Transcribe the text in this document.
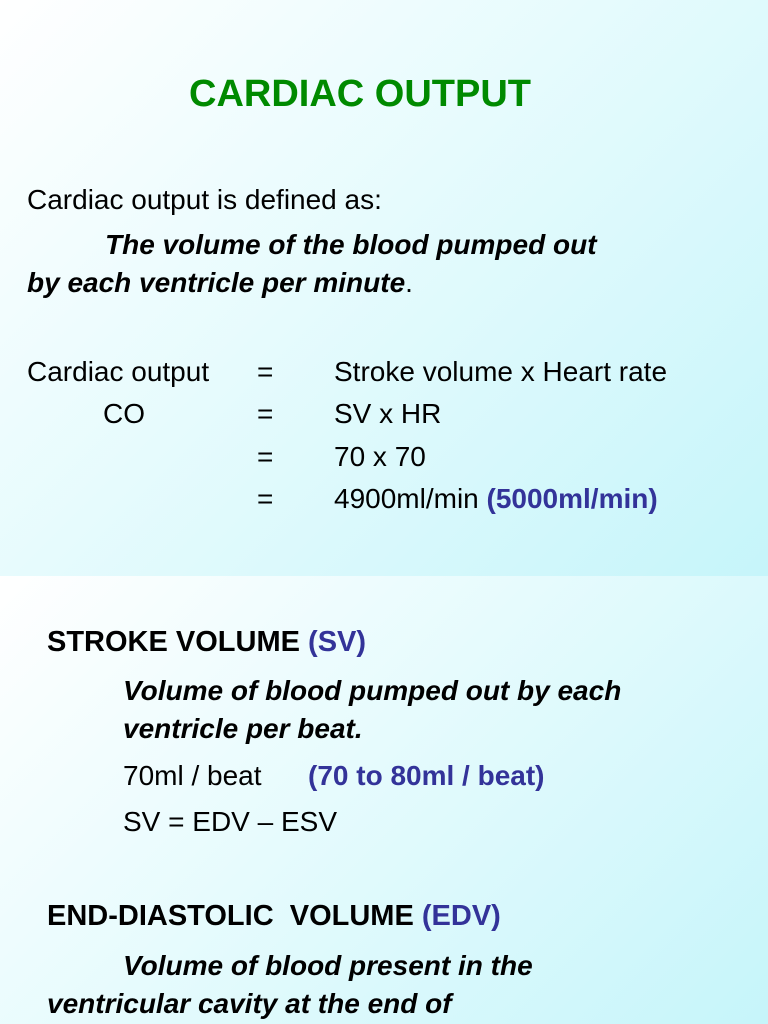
CARDIAC OUTPUT
Cardiac output is defined as:
The volume of the blood pumped out
by each ventricle per minute.
Cardiac output = Stroke volume x Heart rate
CO	= SV x HR
= 70 x 70
= 4900ml/min (5000ml/min)
STROKE VOLUME (SV)
Volume of blood pumped out by each
ventricle per beat.
70ml / beat (70 to 80ml / beat)
SV = EDV – ESV
END-DIASTOLIC  VOLUME (EDV)
Volume of blood present in the
ventricular cavity at the end of
